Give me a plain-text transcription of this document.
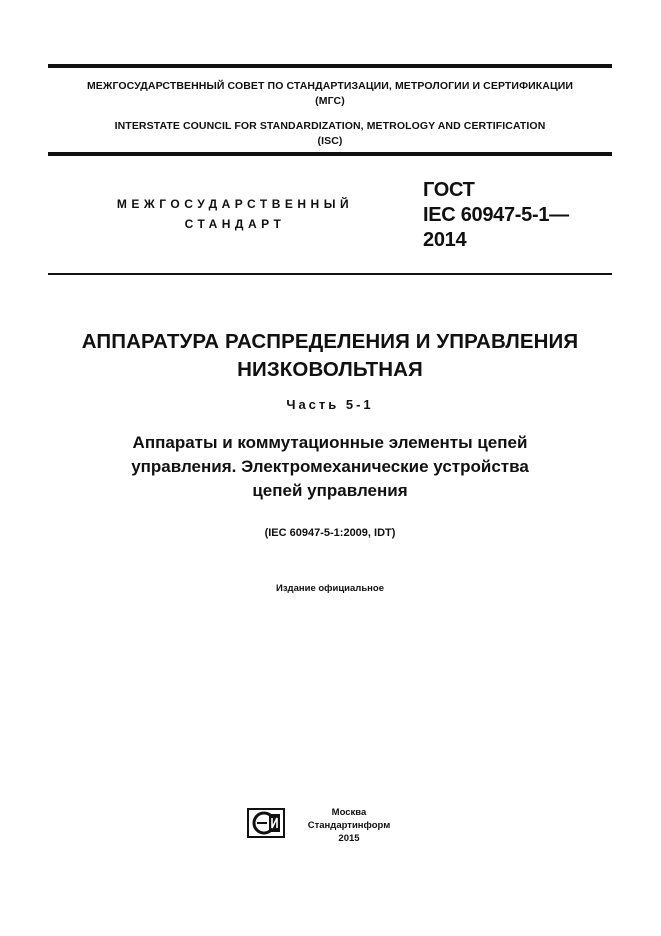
МЕЖГОСУДАРСТВЕННЫЙ СОВЕТ ПО СТАНДАРТИЗАЦИИ, МЕТРОЛОГИИ И СЕРТИФИКАЦИИ
(МГС)
INTERSTATE COUNCIL FOR STANDARDIZATION, METROLOGY AND CERTIFICATION
(ISC)
МЕЖГОСУДАРСТВЕННЫЙ
СТАНДАРТ
ГОСТ
IEC 60947-5-1—
2014
АППАРАТУРА РАСПРЕДЕЛЕНИЯ И УПРАВЛЕНИЯ
НИЗКОВОЛЬТНАЯ
Часть 5-1
Аппараты и коммутационные элементы цепей
управления. Электромеханические устройства
цепей управления
(IEC 60947-5-1:2009, IDT)
Издание официальное
Москва
Стандартинформ
2015
